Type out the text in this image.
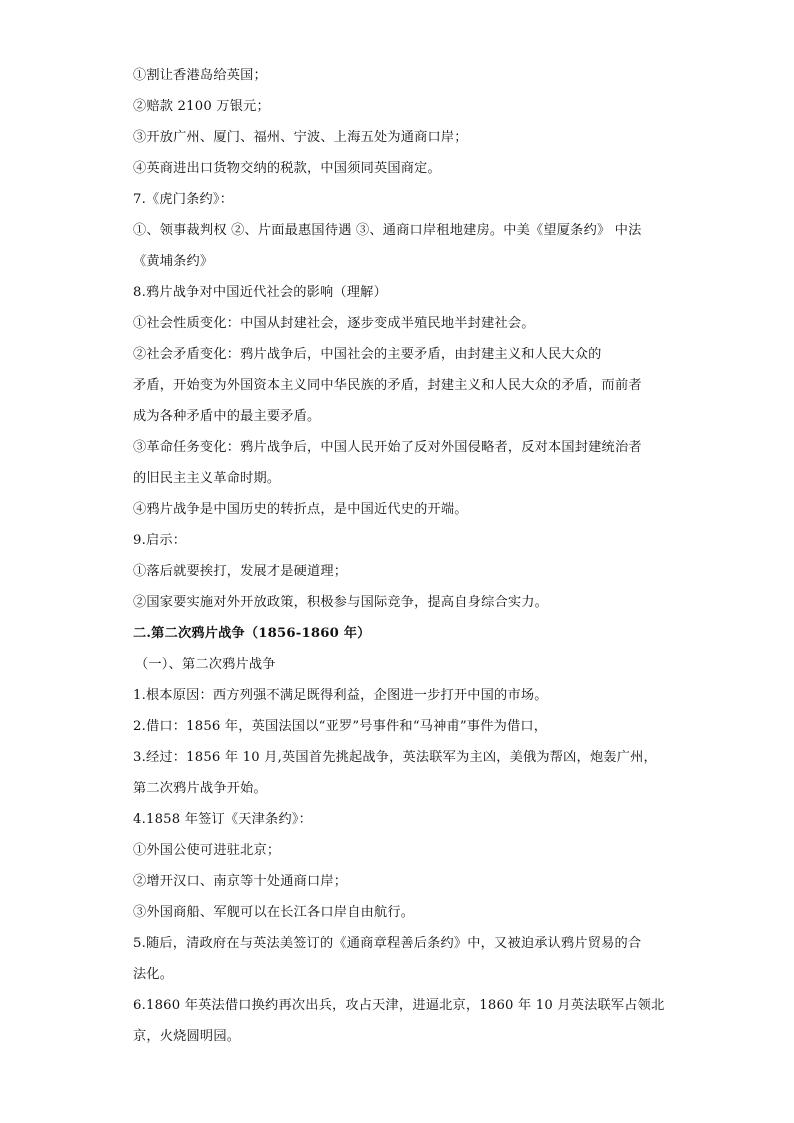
①割让香港岛给英国；
②赔款 2100 万银元；
③开放广州、厦门、福州、宁波、上海五处为通商口岸；
④英商进出口货物交纳的税款，中国须同英国商定。
7.《虎门条约》：
①、领事裁判权 ②、片面最惠国待遇 ③、通商口岸租地建房。中美《望厦条约》 中法
《黄埔条约》
8.鸦片战争对中国近代社会的影响（理解）
①社会性质变化：中国从封建社会，逐步变成半殖民地半封建社会。
②社会矛盾变化：鸦片战争后，中国社会的主要矛盾，由封建主义和人民大众的
矛盾，开始变为外国资本主义同中华民族的矛盾，封建主义和人民大众的矛盾，而前者
成为各种矛盾中的最主要矛盾。
③革命任务变化：鸦片战争后，中国人民开始了反对外国侵略者，反对本国封建统治者
的旧民主主义革命时期。
④鸦片战争是中国历史的转折点，是中国近代史的开端。
9.启示：
①落后就要挨打，发展才是硬道理；
②国家要实施对外开放政策，积极参与国际竞争，提高自身综合实力。
二.第二次鸦片战争（1856-1860 年）
（一）、第二次鸦片战争
1.根本原因：西方列强不满足既得利益，企图进一步打开中国的市场。
2.借口：1856 年，英国法国以“亚罗”号事件和“马神甫”事件为借口，
3.经过：1856 年 10 月,英国首先挑起战争，英法联军为主凶，美俄为帮凶，炮轰广州，
第二次鸦片战争开始。
4.1858 年签订《天津条约》：
①外国公使可进驻北京；
②增开汉口、南京等十处通商口岸；
③外国商船、军舰可以在长江各口岸自由航行。
5.随后，清政府在与英法美签订的《通商章程善后条约》中，又被迫承认鸦片贸易的合
法化。
6.1860 年英法借口换约再次出兵，攻占天津，进逼北京，1860 年 10 月英法联军占领北
京，火烧圆明园。
